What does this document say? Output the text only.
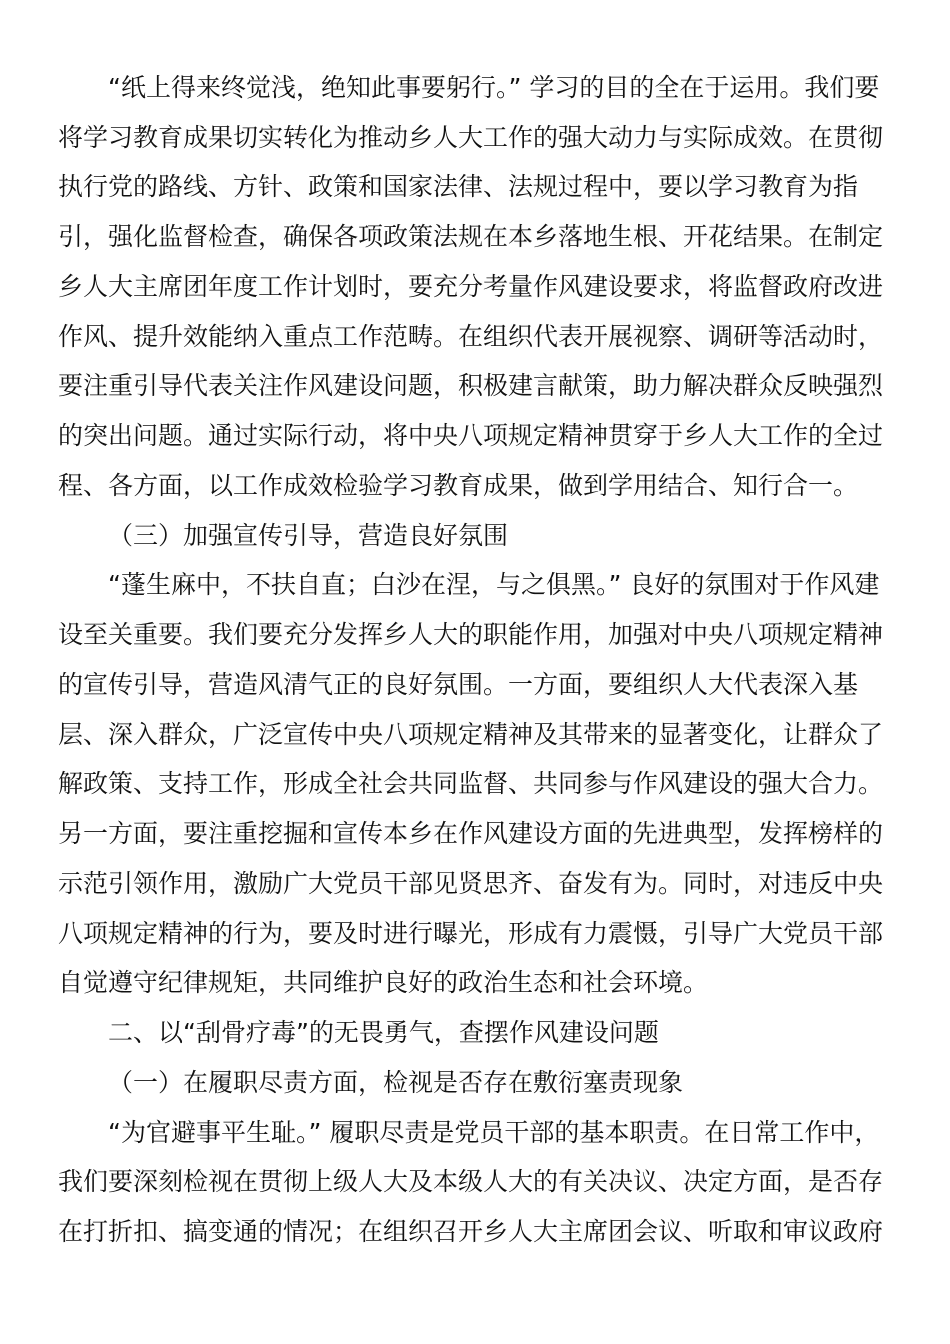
“纸上得来终觉浅，绝知此事要躬行。” 学习的目的全在于运用。我们要
将学习教育成果切实转化为推动乡人大工作的强大动力与实际成效。在贯彻
执行党的路线、方针、政策和国家法律、法规过程中，要以学习教育为指
引，强化监督检查，确保各项政策法规在本乡落地生根、开花结果。在制定
乡人大主席团年度工作计划时，要充分考量作风建设要求，将监督政府改进
作风、提升效能纳入重点工作范畴。在组织代表开展视察、调研等活动时，
要注重引导代表关注作风建设问题，积极建言献策，助力解决群众反映强烈
的突出问题。通过实际行动，将中央八项规定精神贯穿于乡人大工作的全过
程、各方面，以工作成效检验学习教育成果，做到学用结合、知行合一。
（三）加强宣传引导，营造良好氛围
“蓬生麻中，不扶自直；白沙在涅，与之俱黑。” 良好的氛围对于作风建
设至关重要。我们要充分发挥乡人大的职能作用，加强对中央八项规定精神
的宣传引导，营造风清气正的良好氛围。一方面，要组织人大代表深入基
层、深入群众，广泛宣传中央八项规定精神及其带来的显著变化，让群众了
解政策、支持工作，形成全社会共同监督、共同参与作风建设的强大合力。
另一方面，要注重挖掘和宣传本乡在作风建设方面的先进典型，发挥榜样的
示范引领作用，激励广大党员干部见贤思齐、奋发有为。同时，对违反中央
八项规定精神的行为，要及时进行曝光，形成有力震慑，引导广大党员干部
自觉遵守纪律规矩，共同维护良好的政治生态和社会环境。
二、以“刮骨疗毒”的无畏勇气，查摆作风建设问题
（一）在履职尽责方面，检视是否存在敷衍塞责现象
“为官避事平生耻。” 履职尽责是党员干部的基本职责。在日常工作中，
我们要深刻检视在贯彻上级人大及本级人大的有关决议、决定方面，是否存
在打折扣、搞变通的情况；在组织召开乡人大主席团会议、听取和审议政府
